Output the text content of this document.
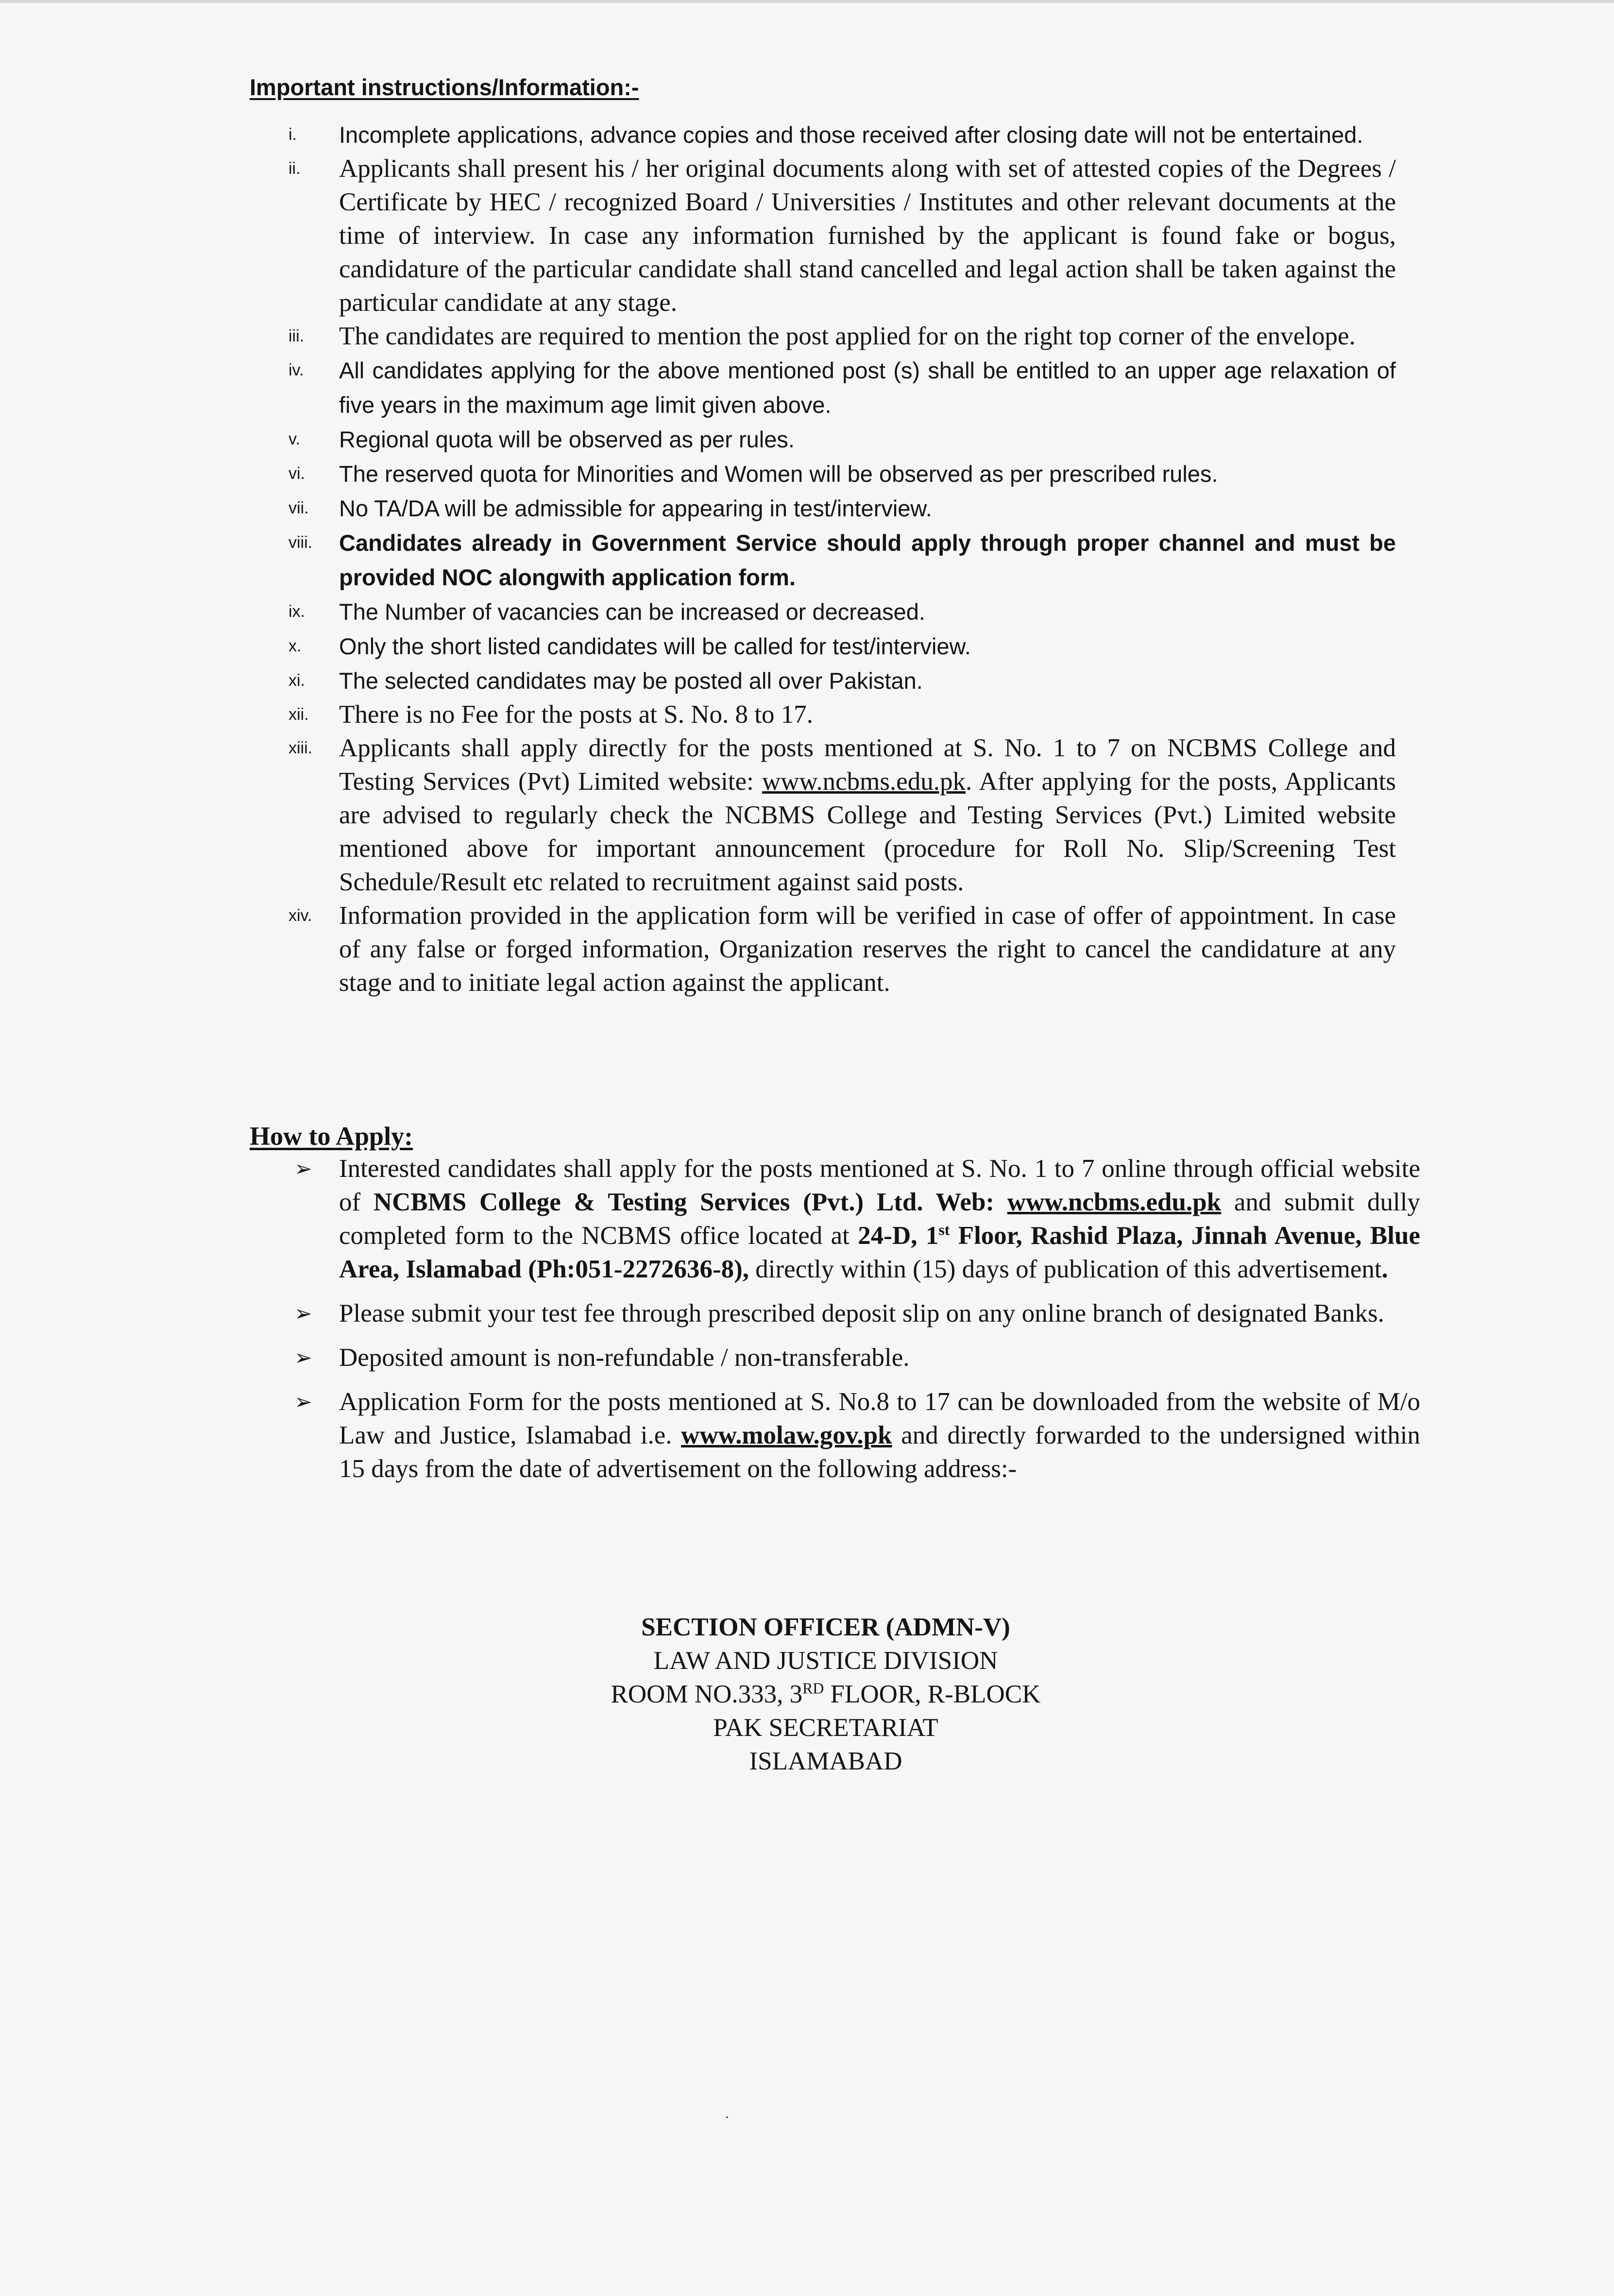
Important instructions/Information:-
i. Incomplete applications, advance copies and those received after closing date will not be entertained.
ii. Applicants shall present his / her original documents along with set of attested copies of the Degrees / Certificate by HEC / recognized Board / Universities / Institutes and other relevant documents at the time of interview. In case any information furnished by the applicant is found fake or bogus, candidature of the particular candidate shall stand cancelled and legal action shall be taken against the particular candidate at any stage.
iii. The candidates are required to mention the post applied for on the right top corner of the envelope.
iv. All candidates applying for the above mentioned post (s) shall be entitled to an upper age relaxation of five years in the maximum age limit given above.
v. Regional quota will be observed as per rules.
vi. The reserved quota for Minorities and Women will be observed as per prescribed rules.
vii. No TA/DA will be admissible for appearing in test/interview.
viii. Candidates already in Government Service should apply through proper channel and must be provided NOC alongwith application form.
ix. The Number of vacancies can be increased or decreased.
x. Only the short listed candidates will be called for test/interview.
xi. The selected candidates may be posted all over Pakistan.
xii. There is no Fee for the posts at S. No. 8 to 17.
xiii. Applicants shall apply directly for the posts mentioned at S. No. 1 to 7 on NCBMS College and Testing Services (Pvt) Limited website: www.ncbms.edu.pk. After applying for the posts, Applicants are advised to regularly check the NCBMS College and Testing Services (Pvt.) Limited website mentioned above for important announcement (procedure for Roll No. Slip/Screening Test Schedule/Result etc related to recruitment against said posts.
xiv. Information provided in the application form will be verified in case of offer of appointment. In case of any false or forged information, Organization reserves the right to cancel the candidature at any stage and to initiate legal action against the applicant.
How to Apply:
➢ Interested candidates shall apply for the posts mentioned at S. No. 1 to 7 online through official website of NCBMS College & Testing Services (Pvt.) Ltd. Web: www.ncbms.edu.pk and submit dully completed form to the NCBMS office located at 24-D, 1st Floor, Rashid Plaza, Jinnah Avenue, Blue Area, Islamabad (Ph:051-2272636-8), directly within (15) days of publication of this advertisement.
➢ Please submit your test fee through prescribed deposit slip on any online branch of designated Banks.
➢ Deposited amount is non-refundable / non-transferable.
➢ Application Form for the posts mentioned at S. No.8 to 17 can be downloaded from the website of M/o Law and Justice, Islamabad i.e. www.molaw.gov.pk and directly forwarded to the undersigned within 15 days from the date of advertisement on the following address:-
SECTION OFFICER (ADMN-V)
LAW AND JUSTICE DIVISION
ROOM NO.333, 3RD FLOOR, R-BLOCK
PAK SECRETARIAT
ISLAMABAD
